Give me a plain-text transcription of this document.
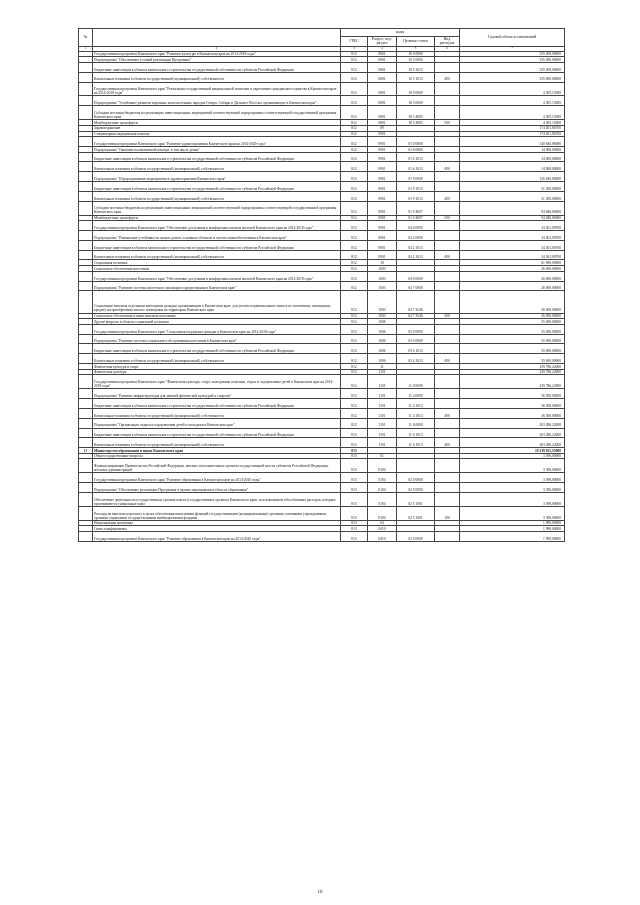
№		коды				Годовой объем ассигнований
		ГРБС	Раздел, под-раздел	Целевая статья	Вид расходов	
1	2	3	4	5	6	7
	Государственная программа Камчатского края "Развитие культуры в Камчатском крае на 2014-2018 годы"	812	0801	10 0 0000		335 000,00000
	Подпрограмма "Обеспечение условий реализации Программы"	812	0801	10 5 0000		335 000,00000
	Бюджетные инвестиции в объекты капитального строительства государственной собственности субъектов Российской Федерации	812	0801	10 5 1013		335 000,00000
	Капитальные вложения в объекты государственной (муниципальной) собственности	812	0801	10 5 1013	400	335 000,00000
	Государственная программа Камчатского края "Реализация государственной национальной политики и укрепление гражданского единства в Камчатском крае на 2014-2018 годы"	812	0801	18 0 0000		4 365,15000
	Подпрограмма "Устойчивое развитие коренных малочисленных народов Севера, Сибири и Дальнего Востока, проживающих в Камчатском крае"	812	0801	18 3 0000		4 365,15000
	Субсидии местным бюджетам на реализацию инвестиционных мероприятий соответствующей подпрограммы соответствующей государственной программы Камчатского края	812	0801	18 3 4005		4 365,15000
	Межбюджетные трансферты	812	0801	18 3 4005	500	4 365,15000
	Здравоохранение	812	09			174 401,86700
	Стационарная медицинская помощь	812	0901			174 401,86700
	Государственная программа Камчатского края "Развитие здравоохранения Камчатского края на 2014-2020 годы"	812	0901	01 0 0000		140 640,86000
	Подпрограмма "Оказание паллиативной помощи, в том числе детям"	812	0901	01 6 0000		14 000,00000
	Бюджетные инвестиции в объекты капитального строительства государственной собственности субъектов Российской Федерации	812	0901	01 6 1013		14 000,00000
	Капитальные вложения в объекты государственной (муниципальной) собственности	812	0901	01 6 1013	400	14 000,00000
	Подпрограмма "Подпрограммные мероприятия в здравоохранении Камчатского края"	812	0901	01 9 0000		126 640,86000
	Бюджетные инвестиции в объекты капитального строительства государственной собственности субъектов Российской Федерации	812	0901	01 9 1013		31 200,00000
	Капитальные вложения в объекты государственной (муниципальной) собственности	812	0901	01 9 1013	400	31 200,00000
	Субсидии местным бюджетам на реализацию инвестиционных мероприятий соответствующей подпрограммы соответствующей государственной программы Камчатского края	812	0901	01 9 4007		94 840,86000
	Межбюджетные трансферты	812	0901	01 9 4007	500	94 840,86000
	Государственная программа Камчатского края "Обеспечение доступным и комфортным жильем жителей Камчатского края на 2014-2018 годы"	812	0901	04 0 0000		34 361,00700
	Подпрограмма "Повышение устойчивости жилых домов, основных объектов и систем жизнеобеспечения в Камчатском крае"	812	0901	04 2 0000		34 361,00700
	Бюджетные инвестиции в объекты капитального строительства государственной собственности субъектов Российской Федерации	812	0901	04 2 1013		34 361,00700
	Капитальные вложения в объекты государственной (муниципальной) собственности	812	0901	04 2 1013	400	34 361,00700
	Социальная политика	812	10			61 690,00000
	Социальное обеспечение населения	812	1003			26 000,00000
	Государственная программа Камчатского края "Обеспечение доступным и комфортным жильем жителей Камчатского края на 2014-2018 годы"	812	1003	04 0 0000		26 000,00000
	Подпрограмма "Развитие системы ипотечного жилищного кредитования в Камчатском крае"	812	1003	04 7 0000		26 000,00000
	Социальные выплаты отдельным категориям граждан, проживающим в Камчатском крае, для уплаты первоначального взноса по ипотечному жилищному кредиту на приобретение жилого помещения на территории Камчатского края	812	1003	04 7 2546		26 000,00000
	Социальное обеспечение и иные выплаты населению	812	1003	04 7 2546	300	26 000,00000
	Другие вопросы в области социальной политики	812	1006			35 690,00000
	Государственная программа Камчатского края "Социальная поддержка граждан в Камчатском крае на 2014-2018 годы"	812	1006	03 0 0000		35 690,00000
	Подпрограмма "Развитие системы социального обслуживания населения в Камчатском крае"	812	1006	03 4 0000		35 690,00000
	Бюджетные инвестиции в объекты капитального строительства государственной собственности субъектов Российской Федерации	812	1006	03 4 1013		35 690,00000
	Капитальные вложения в объекты государственной (муниципальной) собственности	812	1006	03 4 1013	400	35 690,00000
	Физическая культура и спорт	812	11			239 786,22000
	Физическая культура	812	1101			239 786,22000
	Государственная программа Камчатского края "Физическая культура, спорт, молодежная политика, отдых и оздоровление детей в Камчатском крае на 2014-2018 годы"	812	1101	11 0 0000		239 786,22000
	Подпрограмма "Развитие инфраструктуры для занятий физической культурой и спортом"	812	1101	11 4 0000		36 500,00000
	Бюджетные инвестиции в объекты капитального строительства государственной собственности субъектов Российской Федерации	812	1101	11 4 1013		36 500,00000
	Капитальные вложения в объекты государственной (муниципальной) собственности	812	1101	11 4 1013	400	36 500,00000
	Подпрограмма "Организация отдыха и оздоровления детей и молодежи в Камчатском крае"	812	1101	11 6 0000		203 286,22000
	Бюджетные инвестиции в объекты капитального строительства государственной собственности субъектов Российской Федерации	812	1101	11 6 1013		203 286,22000
	Капитальные вложения в объекты государственной (муниципальной) собственности	812	1101	11 6 1013	400	203 286,22000
11	Министерство образования и науки Камчатского края	813				10 339 025,53000
	Общегосударственные вопросы	813	01			3 396,00000
	Функционирование Правительства Российской Федерации, высших исполнительных органов государственной власти субъектов Российской Федерации, местных администраций	813	0104			3 396,00000
	Государственная программа Камчатского края "Развитие образования в Камчатском крае на 2014-2020 годы"	813	0104	02 0 0000		3 396,00000
	Подпрограмма "Обеспечение реализации Программы и прочие мероприятия в области образования"	813	0104	02 5 0000		3 396,00000
	Обеспечение деятельности государственных органов власти (государственных органов) Камчатского края, за исключением обособленных расходов, которым присваиваются уникальные коды	813	0104	02 5 1001		3 396,00000
	Расходы на выплаты персоналу в целях обеспечения выполнения функций государственными (муниципальными) органами, казенными учреждениями, органами управления государственными внебюджетными фондами	813	0104	02 5 1001	100	3 396,00000
	Национальная экономика	813	04			1 990,00000
	Связь и информатика	813	0410			1 990,00000
	Государственная программа Камчатского края "Развитие образования в Камчатском крае на 2014-2020 годы"	813	0410	02 0 0000		1 990,00000
10
